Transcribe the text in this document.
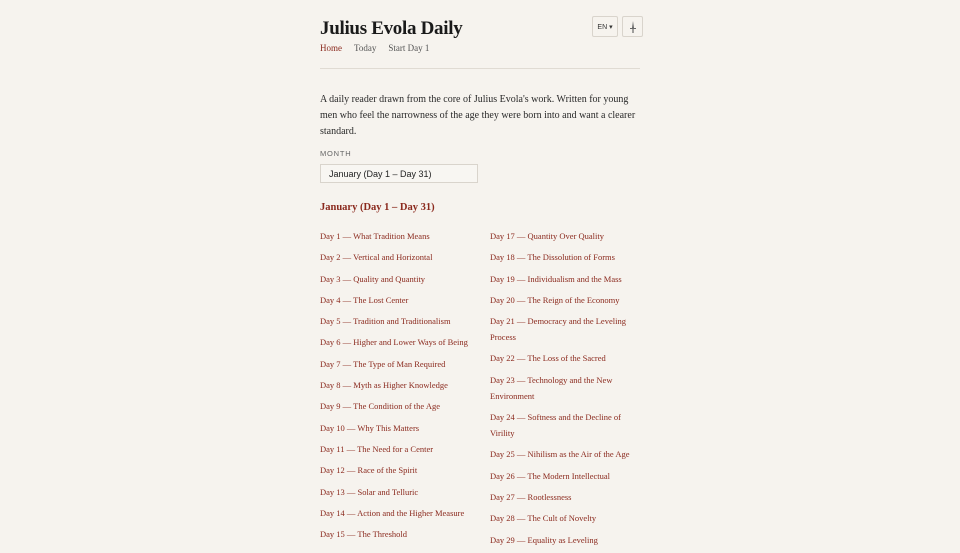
Julius Evola Daily	EN ▾
Home Today Start Day 1
A daily reader drawn from the core of Julius Evola's work. Written for young men who feel the narrowness of the age they were born into and want a clearer standard.
MONTH
January (Day 1 – Day 31)
January (Day 1 – Day 31)
Day 1 — What Tradition Means
Day 2 — Vertical and Horizontal
Day 3 — Quality and Quantity
Day 4 — The Lost Center
Day 5 — Tradition and Traditionalism
Day 6 — Higher and Lower Ways of Being
Day 7 — The Type of Man Required
Day 8 — Myth as Higher Knowledge
Day 9 — The Condition of the Age
Day 10 — Why This Matters
Day 11 — The Need for a Center
Day 12 — Race of the Spirit
Day 13 — Solar and Telluric
Day 14 — Action and the Higher Measure
Day 15 — The Threshold
Day 17 — Quantity Over Quality
Day 18 — The Dissolution of Forms
Day 19 — Individualism and the Mass
Day 20 — The Reign of the Economy
Day 21 — Democracy and the Leveling Process
Day 22 — The Loss of the Sacred
Day 23 — Technology and the New Environment
Day 24 — Softness and the Decline of Virility
Day 25 — Nihilism as the Air of the Age
Day 26 — The Modern Intellectual
Day 27 — Rootlessness
Day 28 — The Cult of Novelty
Day 29 — Equality as Leveling
